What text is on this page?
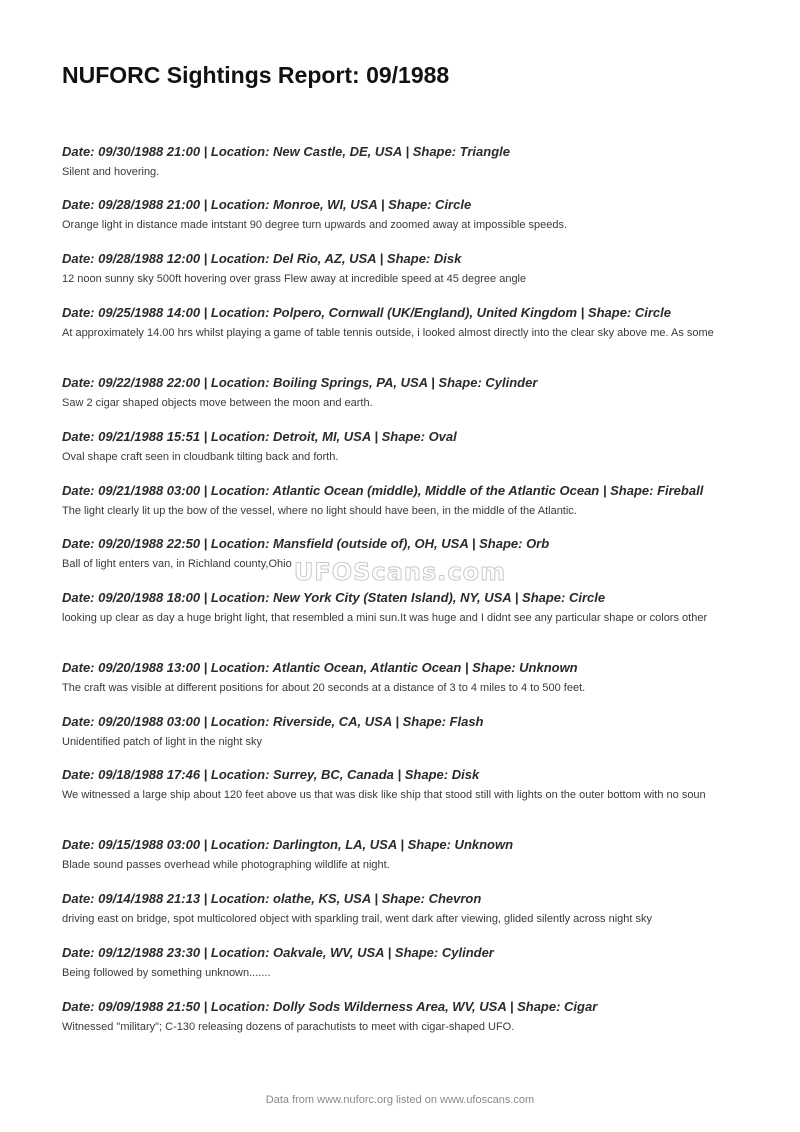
NUFORC Sightings Report: 09/1988
Date: 09/30/1988 21:00 | Location: New Castle, DE, USA | Shape: Triangle
Silent and hovering.
Date: 09/28/1988 21:00 | Location: Monroe, WI, USA | Shape: Circle
Orange light in distance made intstant 90 degree turn upwards and zoomed away at impossible speeds.
Date: 09/28/1988 12:00 | Location: Del Rio, AZ, USA | Shape: Disk
12 noon sunny sky 500ft hovering over grass Flew away at incredible speed at 45 degree angle
Date: 09/25/1988 14:00 | Location: Polpero, Cornwall (UK/England), United Kingdom | Shape: Circle
At approximately 14.00 hrs whilst playing a game of table tennis outside, i looked almost directly into the clear sky above me. As some
Date: 09/22/1988 22:00 | Location: Boiling Springs, PA, USA | Shape: Cylinder
Saw 2 cigar shaped objects move between the moon and earth.
Date: 09/21/1988 15:51 | Location: Detroit, MI, USA | Shape: Oval
Oval shape craft seen in cloudbank tilting back and forth.
Date: 09/21/1988 03:00 | Location: Atlantic Ocean (middle), Middle of the Atlantic Ocean | Shape: Fireball
The light clearly lit up the bow of the vessel, where no light should have been, in the middle of the Atlantic.
Date: 09/20/1988 22:50 | Location: Mansfield (outside of), OH, USA | Shape: Orb
Ball of light enters van, in Richland county,Ohio
Date: 09/20/1988 18:00 | Location: New York City (Staten Island), NY, USA | Shape: Circle
looking up clear as day a huge bright light, that resembled a mini sun.It was huge and I didnt see any particular shape or colors other
Date: 09/20/1988 13:00 | Location: Atlantic Ocean, Atlantic Ocean | Shape: Unknown
The craft was visible at different positions for about 20 seconds at a distance of 3 to 4 miles to 4 to 500 feet.
Date: 09/20/1988 03:00 | Location: Riverside, CA, USA | Shape: Flash
Unidentified patch of light in the night sky
Date: 09/18/1988 17:46 | Location: Surrey, BC, Canada | Shape: Disk
We witnessed a large ship about 120 feet above us that was disk like ship that stood still with lights on the outer bottom with no soun
Date: 09/15/1988 03:00 | Location: Darlington, LA, USA | Shape: Unknown
Blade sound passes overhead while photographing wildlife at night.
Date: 09/14/1988 21:13 | Location: olathe, KS, USA | Shape: Chevron
driving east on bridge, spot multicolored object with sparkling trail, went dark after viewing, glided silently across night sky
Date: 09/12/1988 23:30 | Location: Oakvale, WV, USA | Shape: Cylinder
Being followed by something unknown.......
Date: 09/09/1988 21:50 | Location: Dolly Sods Wilderness Area, WV, USA | Shape: Cigar
Witnessed "military"; C-130 releasing dozens of parachutists to meet with cigar-shaped UFO.
UFOScans.com
Data from www.nuforc.org listed on www.ufoscans.com
